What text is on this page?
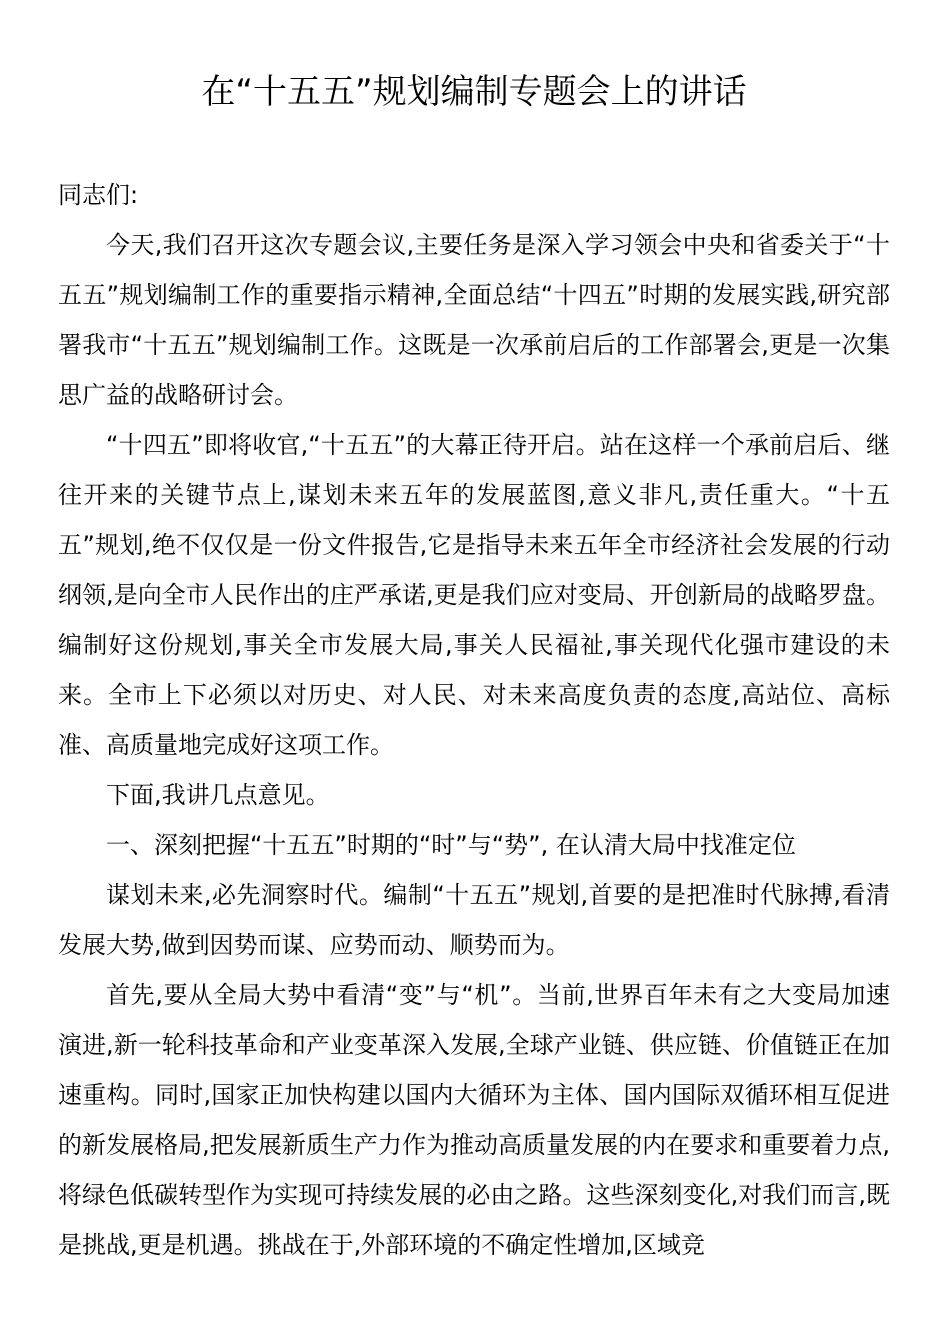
在“十五五”规划编制专题会上的讲话

同志们:

今天,我们召开这次专题会议,主要任务是深入学习领会中央和省委关于“十五五”规划编制工作的重要指示精神,全面总结“十四五”时期的发展实践,研究部署我市“十五五”规划编制工作。这既是一次承前启后的工作部署会,更是一次集思广益的战略研讨会。

“十四五”即将收官,“十五五”的大幕正待开启。站在这样一个承前启后、继往开来的关键节点上,谋划未来五年的发展蓝图,意义非凡,责任重大。“十五五”规划,绝不仅仅是一份文件报告,它是指导未来五年全市经济社会发展的行动纲领,是向全市人民作出的庄严承诺,更是我们应对变局、开创新局的战略罗盘。编制好这份规划,事关全市发展大局,事关人民福祉,事关现代化强市建设的未来。全市上下必须以对历史、对人民、对未来高度负责的态度,高站位、高标准、高质量地完成好这项工作。

下面,我讲几点意见。

一、深刻把握“十五五”时期的“时”与“势”, 在认清大局中找准定位

谋划未来,必先洞察时代。编制“十五五”规划,首要的是把准时代脉搏,看清发展大势,做到因势而谋、应势而动、顺势而为。

首先,要从全局大势中看清“变”与“机”。当前,世界百年未有之大变局加速演进,新一轮科技革命和产业变革深入发展,全球产业链、供应链、价值链正在加速重构。同时,国家正加快构建以国内大循环为主体、国内国际双循环相互促进的新发展格局,把发展新质生产力作为推动高质量发展的内在要求和重要着力点,将绿色低碳转型作为实现可持续发展的必由之路。这些深刻变化,对我们而言,既是挑战,更是机遇。挑战在于,外部环境的不确定性增加,区域竞
